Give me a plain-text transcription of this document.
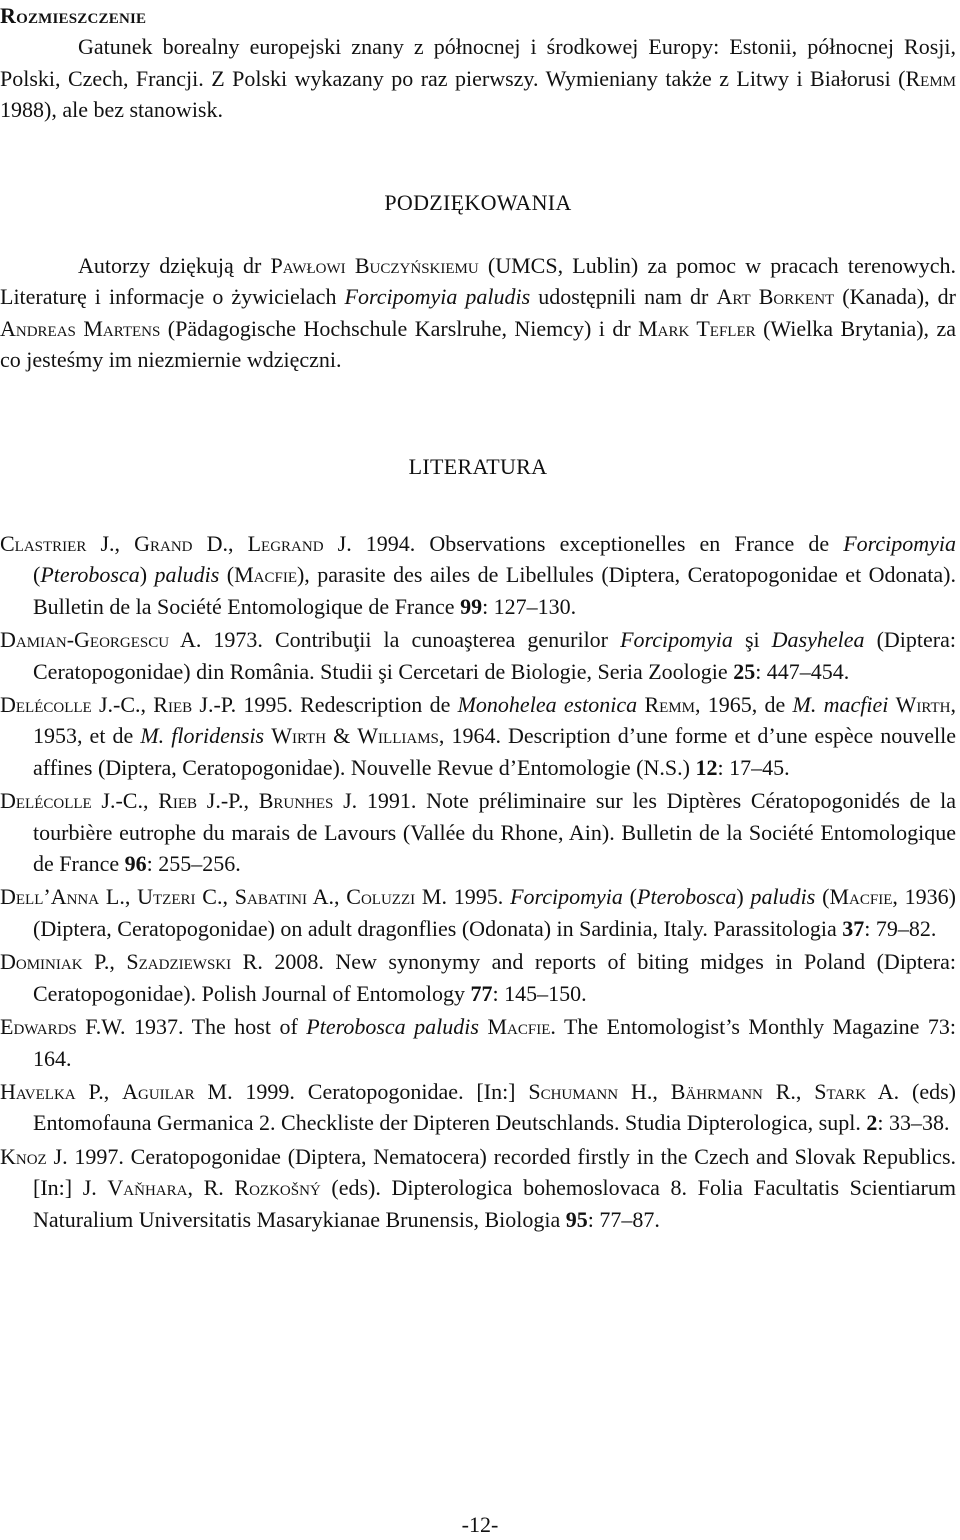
Rozmieszczenie

Gatunek borealny europejski znany z północnej i środkowej Europy: Estonii, północnej Rosji, Polski, Czech, Francji. Z Polski wykazany po raz pierwszy. Wymieniany także z Litwy i Białorusi (Remm 1988), ale bez stanowisk.

PODZIĘKOWANIA

Autorzy dziękują dr Pawłowi Buczyńskiemu (UMCS, Lublin) za pomoc w pracach terenowych. Literaturę i informacje o żywicielach Forcipomyia paludis udostępnili nam dr Art Borkent (Kanada), dr Andreas Martens (Pädagogische Hochschule Karslruhe, Niemcy) i dr Mark Tefler (Wielka Brytania), za co jesteśmy im niezmiernie wdzięczni.

LITERATURA

Clastrier J., Grand D., Legrand J. 1994. Observations exceptionelles en France de Forcipomyia (Pterobosca) paludis (Macfie), parasite des ailes de Libellules (Diptera, Ceratopogonidae et Odonata). Bulletin de la Société Entomologique de France 99: 127–130.

Damian-Georgescu A. 1973. Contribuţii la cunoaşterea genurilor Forcipomyia şi Dasyhelea (Diptera: Ceratopogonidae) din România. Studii şi Cercetari de Biologie, Seria Zoologie 25: 447–454.

Delécolle J.-C., Rieb J.-P. 1995. Redescription de Monohelea estonica Remm, 1965, de M. macfiei Wirth, 1953, et de M. floridensis Wirth & Williams, 1964. Description d’une forme et d’une espèce nouvelle affines (Diptera, Ceratopogonidae). Nouvelle Revue d’Entomologie (N.S.) 12: 17–45.

Delécolle J.-C., Rieb J.-P., Brunhes J. 1991. Note préliminaire sur les Diptères Cératopogonidés de la tourbière eutrophe du marais de Lavours (Vallée du Rhone, Ain). Bulletin de la Société Entomologique de France 96: 255–256.

Dell’Anna L., Utzeri C., Sabatini A., Coluzzi M. 1995. Forcipomyia (Pterobosca) paludis (Macfie, 1936) (Diptera, Ceratopogonidae) on adult dragonflies (Odonata) in Sardinia, Italy. Parassitologia 37: 79–82.

Dominiak P., Szadziewski R. 2008. New synonymy and reports of biting midges in Poland (Diptera: Ceratopogonidae). Polish Journal of Entomology 77: 145–150.

Edwards F.W. 1937. The host of Pterobosca paludis Macfie. The Entomologist’s Monthly Magazine 73: 164.

Havelka P., Aguilar M. 1999. Ceratopogonidae. [In:] Schumann H., Bährmann R., Stark A. (eds) Entomofauna Germanica 2. Checkliste der Dipteren Deutschlands. Studia Dipterologica, supl. 2: 33–38.

Knoz J. 1997. Ceratopogonidae (Diptera, Nematocera) recorded firstly in the Czech and Slovak Republics. [In:] J. Vaňhara, R. Rozkošný (eds). Dipterologica bohemoslovaca 8. Folia Facultatis Scientiarum Naturalium Universitatis Masarykianae Brunensis, Biologia 95: 77–87.

-12-
